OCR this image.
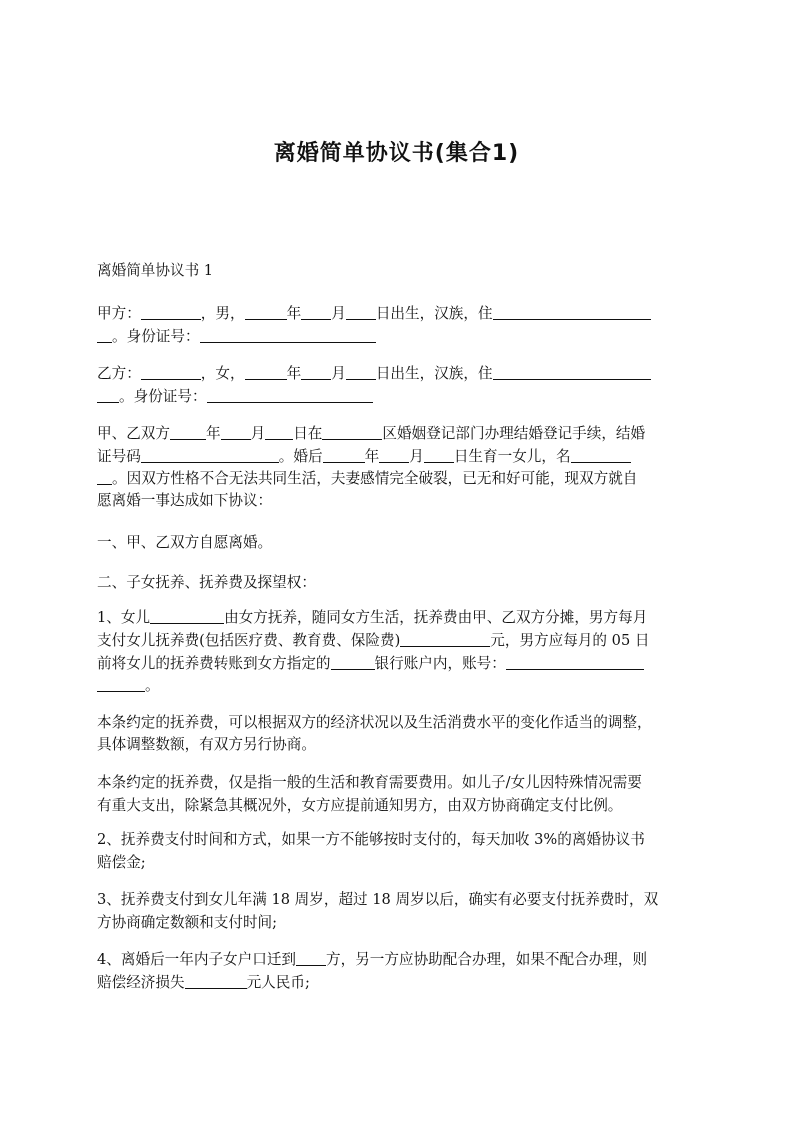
离婚简单协议书(集合1)

离婚简单协议书 1

甲方：	，男，	年 月 日出生，汉族，住

。身份证号：

乙方：	，女，	年 月 日出生，汉族，住

。身份证号：

甲、乙双方 年 月 日在	区婚姻登记部门办理结婚登记手续，结婚

证号码	。婚后	年 月 日生育一女儿，名

。因双方性格不合无法共同生活，夫妻感情完全破裂，已无和好可能，现双方就自

愿离婚一事达成如下协议：

一、甲、乙双方自愿离婚。

二、子女抚养、抚养费及探望权：

1、女儿	由女方抚养，随同女方生活，抚养费由甲、乙双方分摊，男方每月

支付女儿抚养费(包括医疗费、教育费、保险费)	元，男方应每月的 05 日

前将女儿的抚养费转账到女方指定的	银行账户内，账号：

。

本条约定的抚养费，可以根据双方的经济状况以及生活消费水平的变化作适当的调整，

具体调整数额，有双方另行协商。

本条约定的抚养费，仅是指一般的生活和教育需要费用。如儿子/女儿因特殊情况需要

有重大支出，除紧急其概况外，女方应提前通知男方，由双方协商确定支付比例。

2、抚养费支付时间和方式，如果一方不能够按时支付的，每天加收 3%的离婚协议书

赔偿金;

3、抚养费支付到女儿年满 18 周岁，超过 18 周岁以后，确实有必要支付抚养费时，双

方协商确定数额和支付时间;

4、离婚后一年内子女户口迁到 方，另一方应协助配合办理，如果不配合办理，则

赔偿经济损失	元人民币;
